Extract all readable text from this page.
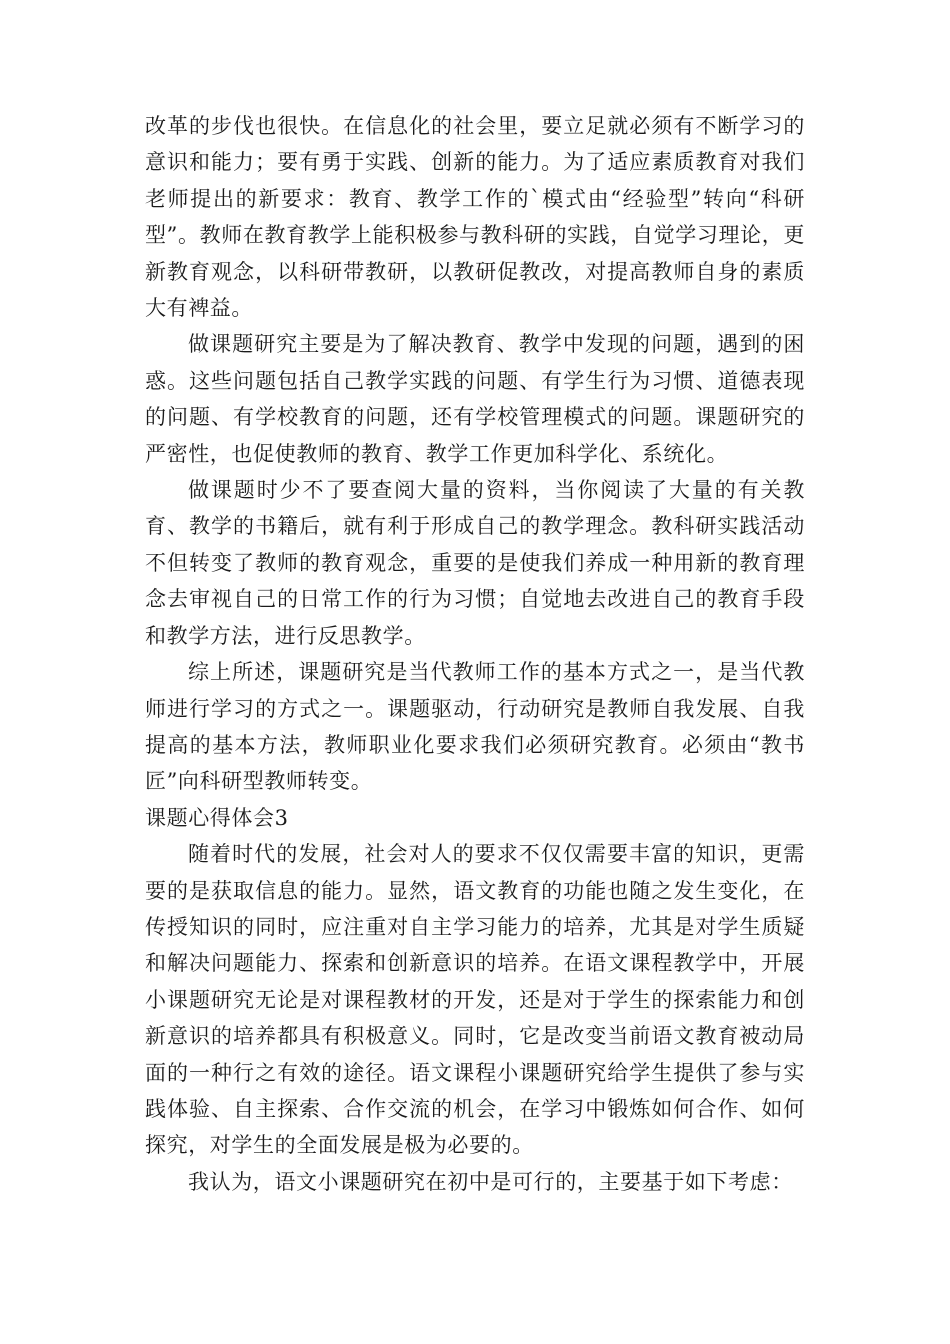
改革的步伐也很快。在信息化的社会里，要立足就必须有不断学习的意识和能力；要有勇于实践、创新的能力。为了适应素质教育对我们老师提出的新要求：教育、教学工作的`模式由“经验型”转向“科研型”。教师在教育教学上能积极参与教科研的实践，自觉学习理论，更新教育观念，以科研带教研，以教研促教改，对提高教师自身的素质大有裨益。

做课题研究主要是为了解决教育、教学中发现的问题，遇到的困惑。这些问题包括自己教学实践的问题、有学生行为习惯、道德表现的问题、有学校教育的问题，还有学校管理模式的问题。课题研究的严密性，也促使教师的教育、教学工作更加科学化、系统化。

做课题时少不了要查阅大量的资料，当你阅读了大量的有关教育、教学的书籍后，就有利于形成自己的教学理念。教科研实践活动不但转变了教师的教育观念，重要的是使我们养成一种用新的教育理念去审视自己的日常工作的行为习惯；自觉地去改进自己的教育手段和教学方法，进行反思教学。

综上所述，课题研究是当代教师工作的基本方式之一，是当代教师进行学习的方式之一。课题驱动，行动研究是教师自我发展、自我提高的基本方法，教师职业化要求我们必须研究教育。必须由“教书匠”向科研型教师转变。

课题心得体会3

随着时代的发展，社会对人的要求不仅仅需要丰富的知识，更需要的是获取信息的能力。显然，语文教育的功能也随之发生变化，在传授知识的同时，应注重对自主学习能力的培养，尤其是对学生质疑和解决问题能力、探索和创新意识的培养。在语文课程教学中，开展小课题研究无论是对课程教材的开发，还是对于学生的探索能力和创新意识的培养都具有积极意义。同时，它是改变当前语文教育被动局面的一种行之有效的途径。语文课程小课题研究给学生提供了参与实践体验、自主探索、合作交流的机会，在学习中锻炼如何合作、如何探究，对学生的全面发展是极为必要的。

我认为，语文小课题研究在初中是可行的，主要基于如下考虑：
